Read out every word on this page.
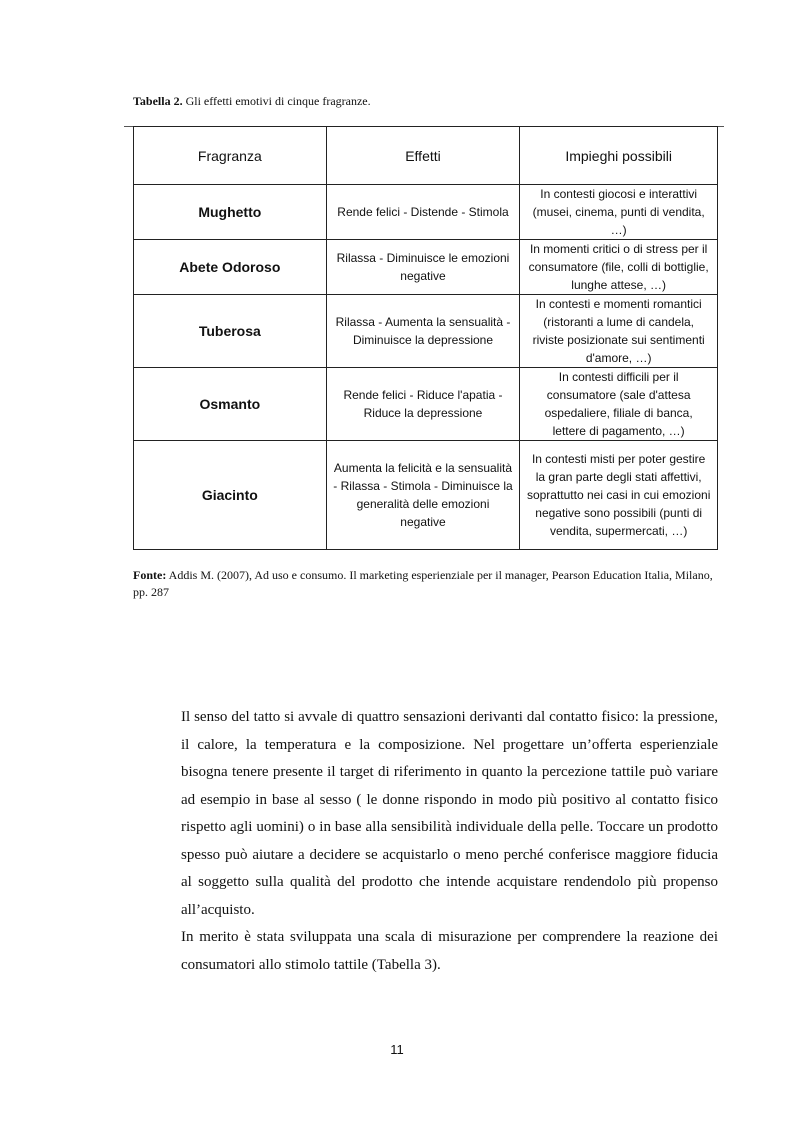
Tabella 2. Gli effetti emotivi di cinque fragranze.
Fragranza	Effetti	Impieghi possibili
Mughetto	Rende felici - Distende - Stimola	In contesti giocosi e interattivi (musei, cinema, punti di vendita, …)
Abete Odoroso	Rilassa - Diminuisce le emozioni negative	In momenti critici o di stress per il consumatore (file, colli di bottiglie, lunghe attese, …)
Tuberosa	Rilassa - Aumenta la sensualità - Diminuisce la depressione	In contesti e momenti romantici (ristoranti a lume di candela, riviste posizionate sui sentimenti d'amore, …)
Osmanto	Rende felici - Riduce l'apatia - Riduce la depressione	In contesti difficili per il consumatore (sale d'attesa ospedaliere, filiale di banca, lettere di pagamento, …)
Giacinto	Aumenta la felicità e la sensualità - Rilassa - Stimola - Diminuisce la generalità delle emozioni negative	In contesti misti per poter gestire la gran parte degli stati affettivi, soprattutto nei casi in cui emozioni negative sono possibili (punti di vendita, supermercati, …)
Fonte: Addis M. (2007), Ad uso e consumo. Il marketing esperienziale per il manager, Pearson Education Italia, Milano, pp. 287

Il senso del tatto si avvale di quattro sensazioni derivanti dal contatto fisico: la pressione, il calore, la temperatura e la composizione. Nel progettare un’offerta esperienziale bisogna tenere presente il target di riferimento in quanto la percezione tattile può variare ad esempio in base al sesso ( le donne rispondo in modo più positivo al contatto fisico rispetto agli uomini) o in base alla sensibilità individuale della pelle. Toccare un prodotto spesso può aiutare a decidere se acquistarlo o meno perché conferisce maggiore fiducia al soggetto sulla qualità del prodotto che intende acquistare rendendolo più propenso all’acquisto.

In merito è stata sviluppata una scala di misurazione per comprendere la reazione dei consumatori allo stimolo tattile (Tabella 3).

11
